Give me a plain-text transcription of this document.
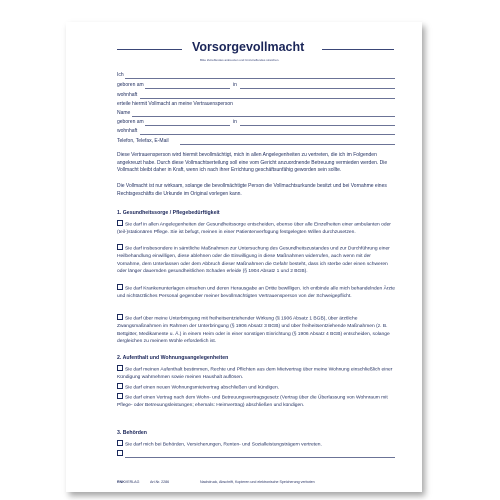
Vorsorgevollmacht
Bitte Zutreffendes ankreuzen und Unzutreffendes streichen.
Ich
geboren am	in
wohnhaft
erteile hiermit Vollmacht an meine Vertrauensperson
Name
geboren am	in
wohnhaft
Telefon, Telefax, E-Mail
Diese Vertrauensperson wird hiermit bevollmächtigt, mich in allen Angelegenheiten zu vertreten, die ich im Folgenden angekreuzt habe. Durch diese Vollmachtserteilung soll eine vom Gericht anzuordnende Betreuung vermieden werden. Die Vollmacht bleibt daher in Kraft, wenn ich nach ihrer Errichtung geschäftsunfähig geworden sein sollte.
Die Vollmacht ist nur wirksam, solange die bevollmächtigte Person die Vollmachtsurkunde besitzt und bei Vornahme eines Rechtsgeschäfts die Urkunde im Original vorlegen kann.
1. Gesundheitssorge / Pflegebedürftigkeit
Sie darf in allen Angelegenheiten der Gesundheitssorge entscheiden, ebenso über alle Einzelheiten einer ambulanten oder (teil-)stationären Pflege. Sie ist befugt, meinen in einer Patientenverfügung festgelegten Willen durchzusetzen.
Sie darf insbesondere in sämtliche Maßnahmen zur Untersuchung des Gesundheitszustandes und zur Durchführung einer Heilbehandlung einwilligen, diese ablehnen oder die Einwilligung in diese Maßnahmen widerrufen, auch wenn mit der Vornahme, dem Unterlassen oder dem Abbruch dieser Maßnahmen die Gefahr besteht, dass ich sterbe oder einen schweren oder länger dauernden gesundheitlichen Schaden erleide (§ 1904 Absatz 1 und 2 BGB).
Sie darf Krankenunterlagen einsehen und deren Herausgabe an Dritte bewilligen. Ich entbinde alle mich behandelnden Ärzte und nichtärztliches Personal gegenüber meiner bevollmächtigten Vertrauensperson von der Schweigepflicht.
Sie darf über meine Unterbringung mit freiheitsentziehender Wirkung (§ 1906 Absatz 1 BGB), über ärztliche Zwangsmaßnahmen im Rahmen der Unterbringung (§ 1906 Absatz 3 BGB) und über freiheitsentziehende Maßnahmen (z. B. Bettgitter, Medikamente u. Ä.) in einem Heim oder in einer sonstigen Einrichtung (§ 1906 Absatz 4 BGB) entscheiden, solange dergleichen zu meinem Wohle erforderlich ist.
2. Aufenthalt und Wohnungsangelegenheiten
Sie darf meinen Aufenthalt bestimmen, Rechte und Pflichten aus dem Mietvertrag über meine Wohnung einschließlich einer Kündigung wahrnehmen sowie meinen Haushalt auflösen.
Sie darf einen neuen Wohnungsmietvertrag abschließen und kündigen.
Sie darf einen Vertrag nach dem Wohn- und Betreuungsvertragsgesetz (Vertrag über die Überlassung von Wohnraum mit Pflege- oder Betreuungsleistungen; ehemals: Heimvertrag) abschließen und kündigen.
3. Behörden
Sie darf mich bei Behörden, Versicherungen, Renten- und Sozialleistungsträgern vertreten.
RNKVERLAG	Art.Nr. 2286	Nachdruck, Abschrift, Kopieren und elektronische Speicherung verboten
